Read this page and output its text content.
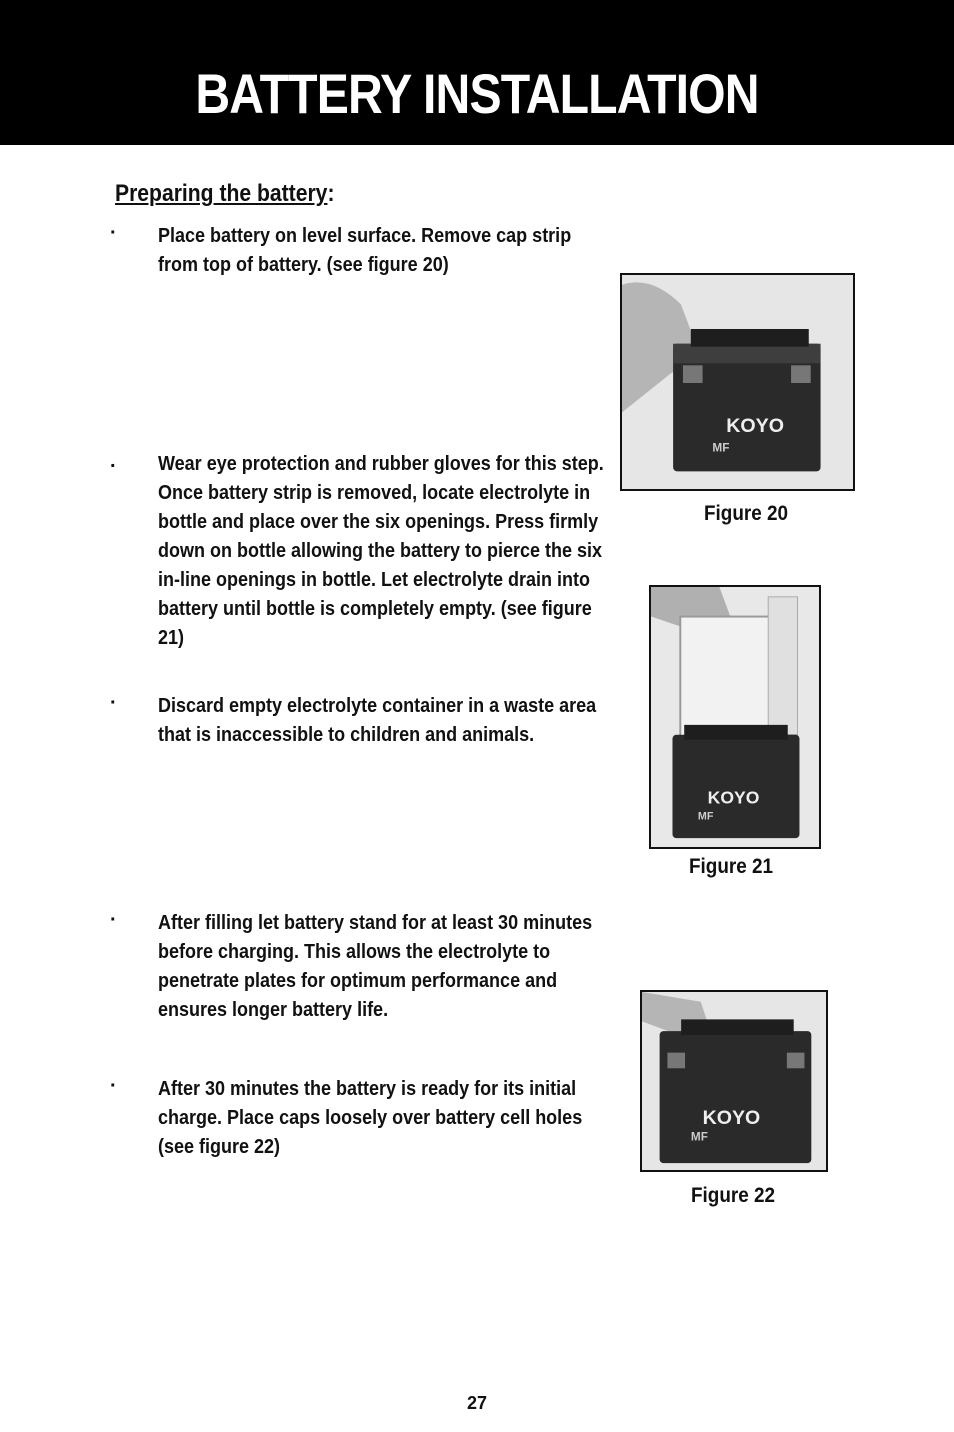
BATTERY INSTALLATION
Preparing the battery:
·	Place battery on level surface. Remove cap strip from top of battery. (see figure 20)
.	Wear eye protection and rubber gloves for this step. Once battery strip is removed, locate electrolyte in bottle and place over the six openings. Press firmly down on bottle allowing the battery to pierce the six in-line openings in bottle. Let electrolyte drain into battery until bottle is completely empty. (see figure 21)
·	Discard empty electrolyte container in a waste area that is inaccessible to children and animals.
·	After filling let battery stand for at least 30 minutes before charging. This allows the electrolyte to penetrate plates for optimum performance and ensures longer battery life.
·	After 30 minutes the battery is ready for its initial charge. Place caps loosely over battery cell holes (see figure 22)
KOYO
MF
Figure 20
KOYO
MF
Figure 21
KOYO
MF
Figure 22
27
